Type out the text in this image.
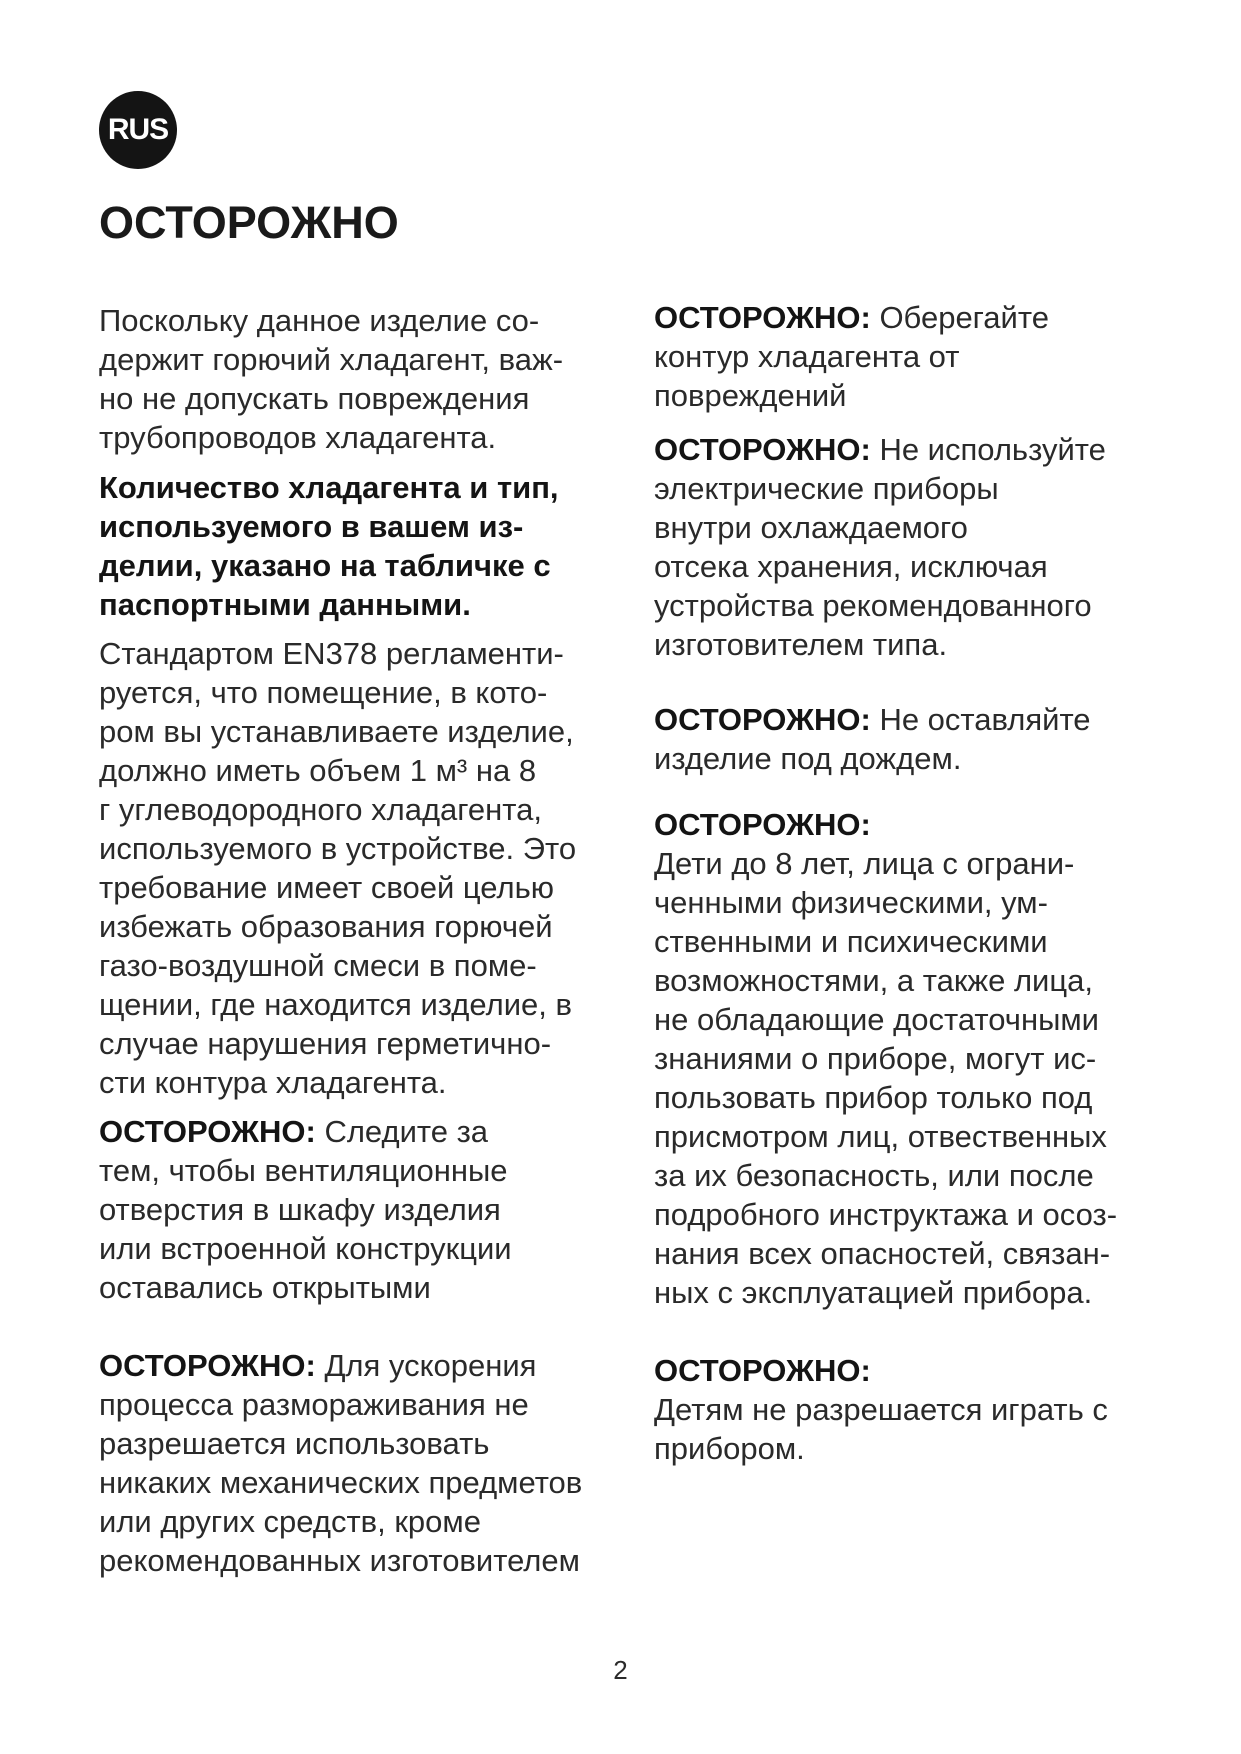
RUS
ОСТОРОЖНО

Поскольку данное изделие со-
держит горючий хладагент, важ-
но не допускать повреждения
трубопроводов хладагента.

Количество хладагента и тип,
используемого в вашем из-
делии, указано на табличке с
паспортными данными.

Стандартом EN378 регламенти-
руется, что помещение, в кото-
ром вы устанавливаете изделие,
должно иметь объем 1 м³ на 8
г углеводородного хладагента,
используемого в устройстве. Это
требование имеет своей целью
избежать образования горючей
газо-воздушной смеси в поме-
щении, где находится изделие, в
случае нарушения герметично-
сти контура хладагента.

ОСТОРОЖНО: Следите за
тем, чтобы вентиляционные
отверстия в шкафу изделия
или встроенной конструкции
оставались открытыми

ОСТОРОЖНО: Для ускорения
процесса размораживания не
разрешается использовать
никаких механических предметов
или других средств, кроме
рекомендованных изготовителем

ОСТОРОЖНО: Оберегайте
контур хладагента от
повреждений

ОСТОРОЖНО: Не используйте
электрические приборы
внутри охлаждаемого
отсека хранения, исключая
устройства рекомендованного
изготовителем типа.

ОСТОРОЖНО: Не оставляйте
изделие под дождем.

ОСТОРОЖНО:
Дети до 8 лет, лица с ограни-
ченными физическими, ум-
ственными и психическими
возможностями, а также лица,
не обладающие достаточными
знаниями о приборе, могут ис-
пользовать прибор только под
присмотром лиц, отвественных
за их безопасность, или после
подробного инструктажа и осоз-
нания всех опасностей, связан-
ных с эксплуатацией прибора.

ОСТОРОЖНО:
Детям не разрешается играть с
прибором.

2
